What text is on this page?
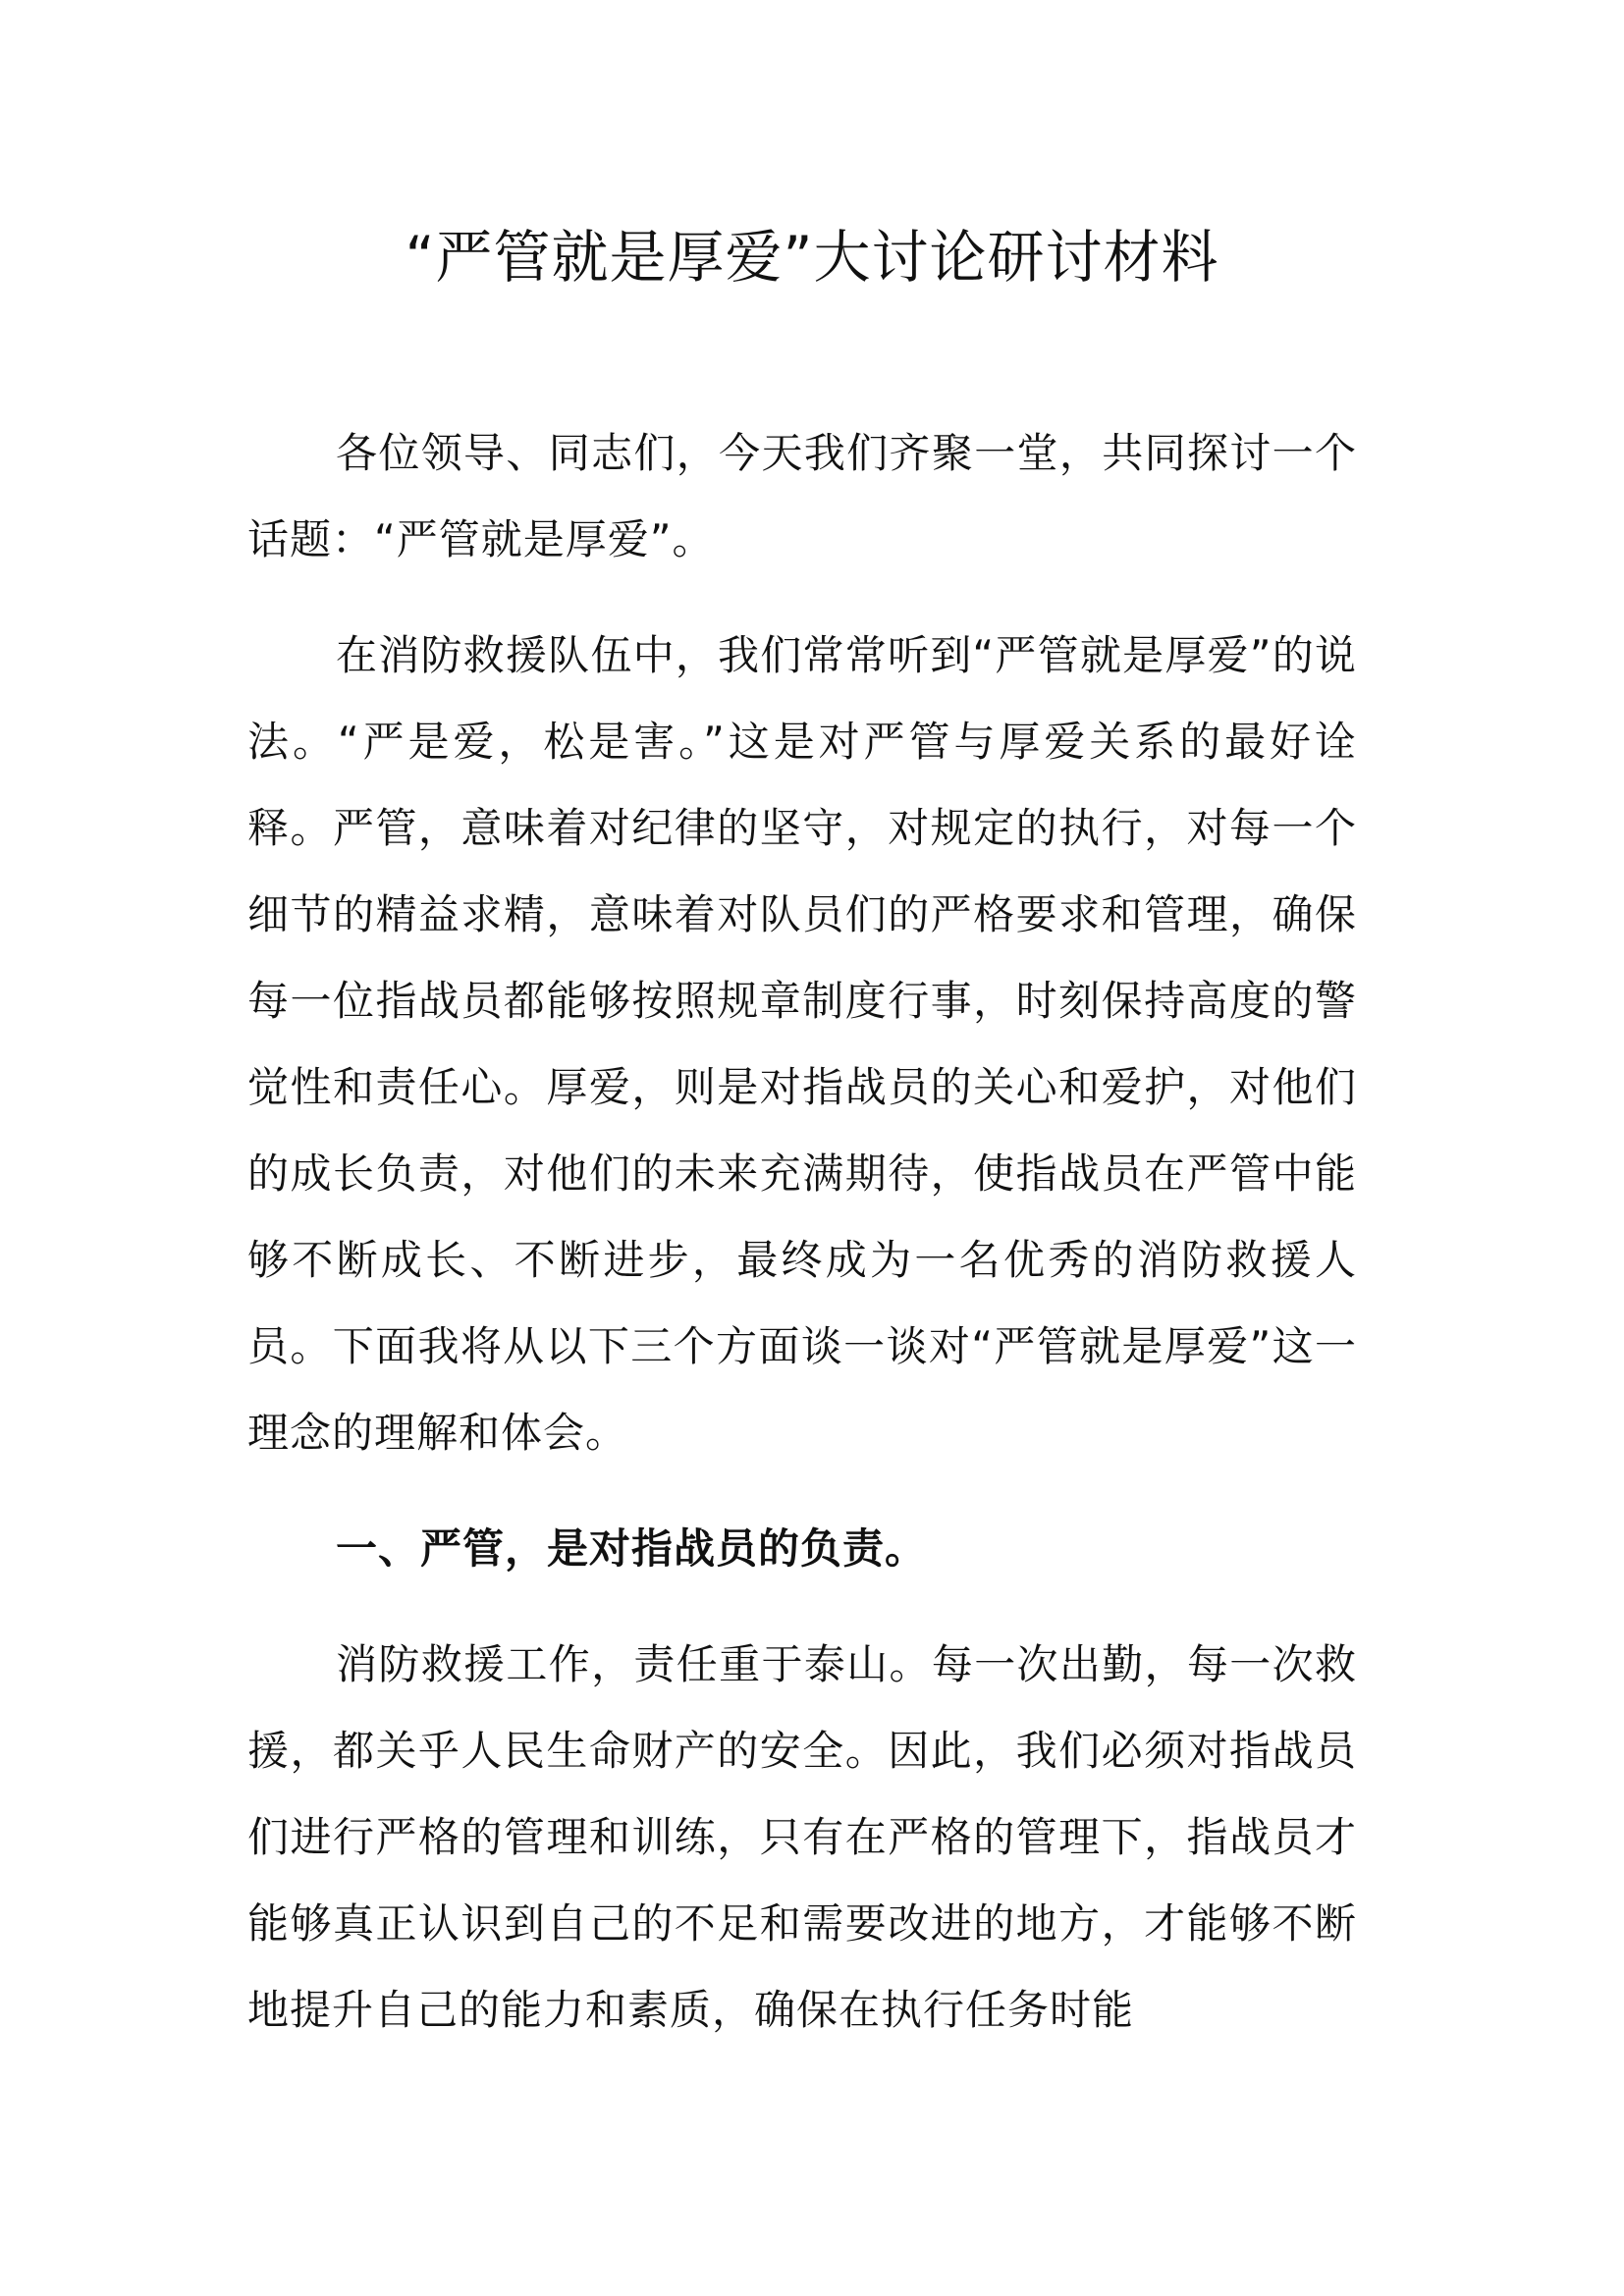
“严管就是厚爱”大讨论研讨材料

各位领导、同志们，今天我们齐聚一堂，共同探讨一个话题：“严管就是厚爱”。

在消防救援队伍中，我们常常听到“严管就是厚爱”的说法。“严是爱，松是害。”这是对严管与厚爱关系的最好诠释。严管，意味着对纪律的坚守，对规定的执行，对每一个细节的精益求精，意味着对队员们的严格要求和管理，确保每一位指战员都能够按照规章制度行事，时刻保持高度的警觉性和责任心。厚爱，则是对指战员的关心和爱护，对他们的成长负责，对他们的未来充满期待，使指战员在严管中能够不断成长、不断进步，最终成为一名优秀的消防救援人员。下面我将从以下三个方面谈一谈对“严管就是厚爱”这一理念的理解和体会。

一、严管，是对指战员的负责。

消防救援工作，责任重于泰山。每一次出勤，每一次救援，都关乎人民生命财产的安全。因此，我们必须对指战员们进行严格的管理和训练，只有在严格的管理下，指战员才能够真正认识到自己的不足和需要改进的地方，才能够不断地提升自己的能力和素质，确保在执行任务时能
